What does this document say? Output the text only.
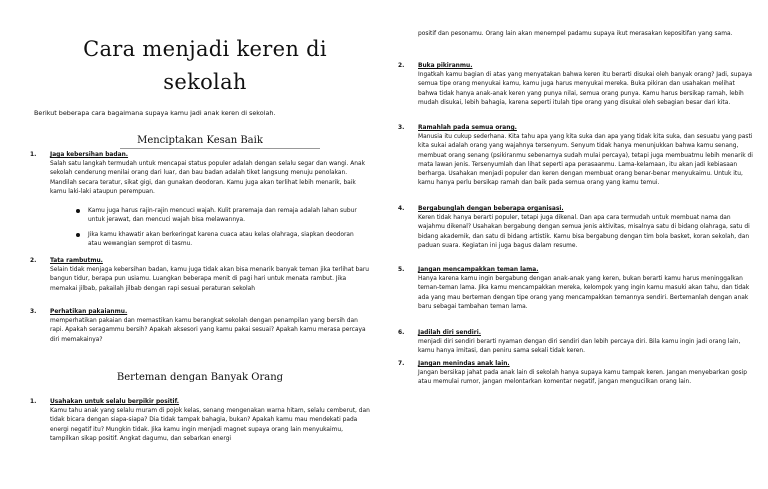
Cara menjadi keren di sekolah
Berikut beberapa cara bagaimana supaya kamu jadi anak keren di sekolah.
Menciptakan Kesan Baik
1. Jaga kebersihan badan.
Salah satu langkah termudah untuk mencapai status populer adalah dengan selalu segar dan wangi. Anak sekolah cenderung menilai orang dari luar, dan bau badan adalah tiket langsung menuju penolakan. Mandilah secara teratur, sikat gigi, dan gunakan deodoran. Kamu juga akan terlihat lebih menarik, baik kamu laki-laki ataupun perempuan.
Kamu juga harus rajin-rajin mencuci wajah. Kulit praremaja dan remaja adalah lahan subur untuk jerawat, dan mencuci wajah bisa melawannya.
Jika kamu khawatir akan berkeringat karena cuaca atau kelas olahraga, siapkan deodoran atau wewangian semprot di tasmu.
2. Tata rambutmu.
Selain tidak menjaga kebersihan badan, kamu juga tidak akan bisa menarik banyak teman jika terlihat baru bangun tidur, berapa pun usiamu. Luangkan beberapa menit di pagi hari untuk menata rambut. Jika memakai jilbab, pakailah jilbab dengan rapi sesuai peraturan sekolah
3. Perhatikan pakaianmu.
memperhatikan pakaian dan memastikan kamu berangkat sekolah dengan penampilan yang bersih dan rapi. Apakah seragammu bersih? Apakah aksesori yang kamu pakai sesuai? Apakah kamu merasa percaya diri memakainya?
Berteman dengan Banyak Orang
1. Usahakan untuk selalu berpikir positif.
Kamu tahu anak yang selalu muram di pojok kelas, senang mengenakan warna hitam, selalu cemberut, dan tidak bicara dengan siapa-siapa? Dia tidak tampak bahagia, bukan? Apakah kamu mau mendekati pada energi negatif itu? Mungkin tidak. Jika kamu ingin menjadi magnet supaya orang lain menyukaimu, tampilkan sikap positif. Angkat dagumu, dan sebarkan energi
positif dan pesonamu. Orang lain akan menempel padamu supaya ikut merasakan kepositifan yang sama.
2. Buka pikiranmu.
Ingatkah kamu bagian di atas yang menyatakan bahwa keren itu berarti disukai oleh banyak orang? Jadi, supaya semua tipe orang menyukai kamu, kamu juga harus menyukai mereka. Buka pikiran dan usahakan melihat bahwa tidak hanya anak-anak keren yang punya nilai, semua orang punya. Kamu harus bersikap ramah, lebih mudah disukai, lebih bahagia, karena seperti itulah tipe orang yang disukai oleh sebagian besar dari kita.
3. Ramahlah pada semua orang.
Manusia itu cukup sederhana. Kita tahu apa yang kita suka dan apa yang tidak kita suka, dan sesuatu yang pasti kita sukai adalah orang yang wajahnya tersenyum. Senyum tidak hanya menunjukkan bahwa kamu senang, membuat orang senang (psikiranmu sebenarnya sudah mulai percaya), tetapi juga membuatmu lebih menarik di mata lawan jenis. Tersenyumlah dan lihat seperti apa perasaanmu. Lama-kelamaan, itu akan jadi kebiasaan berharga. Usahakan menjadi populer dan keren dengan membuat orang benar-benar menyukaimu. Untuk itu, kamu hanya perlu bersikap ramah dan baik pada semua orang yang kamu temui.
4. Bergabunglah dengan beberapa organisasi.
Keren tidak hanya berarti populer, tetapi juga dikenal. Dan apa cara termudah untuk membuat nama dan wajahmu dikenal? Usahakan bergabung dengan semua jenis aktivitas, misalnya satu di bidang olahraga, satu di bidang akademik, dan satu di bidang artistik. Kamu bisa bergabung dengan tim bola basket, koran sekolah, dan paduan suara. Kegiatan ini juga bagus dalam resume.
5. Jangan mencampakkan teman lama.
Hanya karena kamu ingin bergabung dengan anak-anak yang keren, bukan berarti kamu harus meninggalkan teman-teman lama. Jika kamu mencampakkan mereka, kelompok yang ingin kamu masuki akan tahu, dan tidak ada yang mau berteman dengan tipe orang yang mencampakkan temannya sendiri. Bertemanlah dengan anak baru sebagai tambahan teman lama.
6. Jadilah diri sendiri.
menjadi diri sendiri berarti nyaman dengan diri sendiri dan lebih percaya diri. Bila kamu ingin jadi orang lain, kamu hanya imitasi, dan peniru sama sekali tidak keren.
7. Jangan menindas anak lain.
Jangan bersikap jahat pada anak lain di sekolah hanya supaya kamu tampak keren. Jangan menyebarkan gosip atau memulai rumor, jangan melontarkan komentar negatif, jangan mengucilkan orang lain.
